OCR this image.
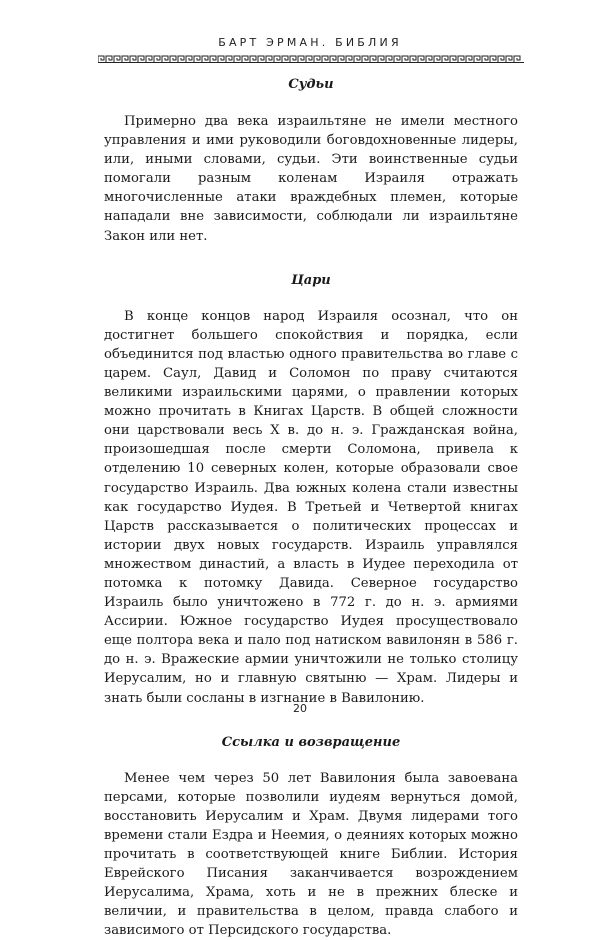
БАРТ ЭРМАН. БИБЛИЯ
Судьи

Примерно два века израильтяне не имели местного управления и ими руководили боговдохновенные лидеры, или, иными словами, судьи. Эти воинственные судьи помогали разным коленам Израиля отражать многочисленные атаки враждебных племен, которые нападали вне зависимости, соблюдали ли израильтяне Закон или нет.

Цари

В конце концов народ Израиля осознал, что он достигнет большего спокойствия и порядка, если объединится под властью одного правительства во главе с царем. Саул, Давид и Соломон по праву считаются великими израильскими царями, о правлении которых можно прочитать в Книгах Царств. В общей сложности они царствовали весь X в. до н. э. Гражданская война, произошедшая после смерти Соломона, привела к отделению 10 северных колен, которые образовали свое государство Израиль. Два южных колена стали известны как государство Иудея. В Третьей и Четвертой книгах Царств рассказывается о политических процессах и истории двух новых государств. Израиль управлялся множеством династий, а власть в Иудее переходила от потомка к потомку Давида. Северное государство Израиль было уничтожено в 772 г. до н. э. армиями Ассирии. Южное государство Иудея просуществовало еще полтора века и пало под натиском вавилонян в 586 г. до н. э. Вражеские армии уничтожили не только столицу Иерусалим, но и главную святыню — Храм. Лидеры и знать были сосланы в изгнание в Вавилонию.

Ссылка и возвращение

Менее чем через 50 лет Вавилония была завоевана персами, которые позволили иудеям вернуться домой, восстановить Иерусалим и Храм. Двумя лидерами того времени стали Ездра и Неемия, о деяниях которых можно прочитать в соответствующей книге Библии. История Еврейского Писания заканчивается возрождением Иерусалима, Храма, хоть и не в прежних блеске и величии, и правительства в целом, правда слабого и зависимого от Персидского государства.

20
